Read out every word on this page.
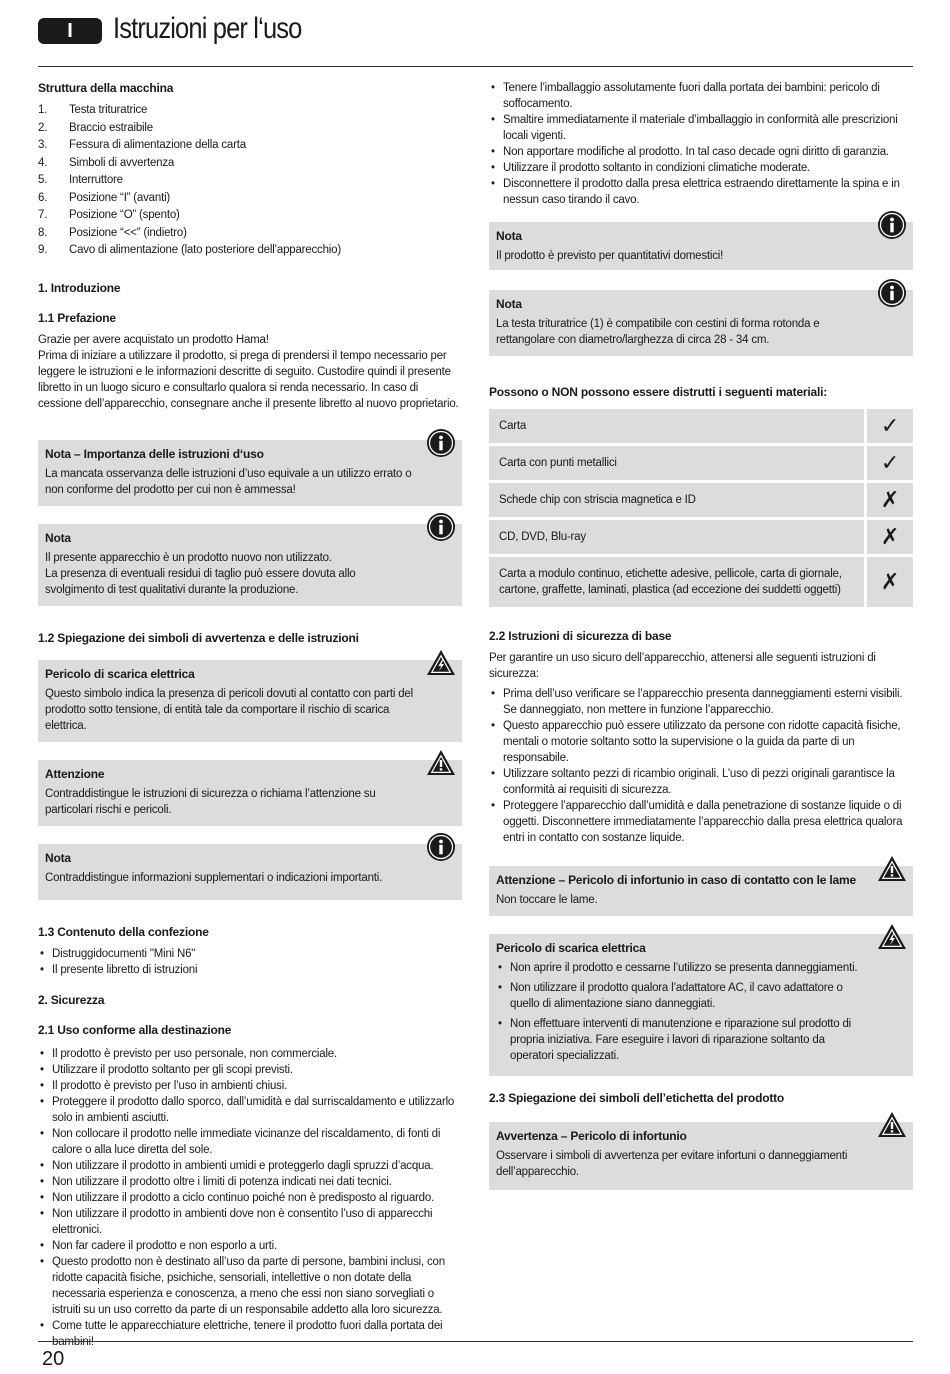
I	Istruzioni per l‘uso
Struttura della macchina
1.	Testa trituratrice
2.	Braccio estraibile
3.	Fessura di alimentazione della carta
4.	Simboli di avvertenza
5.	Interruttore
6.	Posizione “I” (avanti)
7.	Posizione “O” (spento)
8.	Posizione “<<” (indietro)
9.	Cavo di alimentazione (lato posteriore dell’apparecchio)
1. Introduzione
1.1 Prefazione

Grazie per avere acquistato un prodotto Hama!

Prima di iniziare a utilizzare il prodotto, si prega di prendersi il tempo necessario per leggere le istruzioni e le informazioni descritte di seguito. Custodire quindi il presente libretto in un luogo sicuro e consultarlo qualora si renda necessario. In caso di cessione dell’apparecchio, consegnare anche il presente libretto al nuovo proprietario.

Nota – Importanza delle istruzioni d‘uso

La mancata osservanza delle istruzioni d’uso equivale a un utilizzo errato o non conforme del prodotto per cui non è ammessa!

Nota

Il presente apparecchio è un prodotto nuovo non utilizzato.

La presenza di eventuali residui di taglio può essere dovuta allo svolgimento di test qualitativi durante la produzione.

1.2 Spiegazione dei simboli di avvertenza e delle istruzioni
Pericolo di scarica elettrica

Questo simbolo indica la presenza di pericoli dovuti al contatto con parti del prodotto sotto tensione, di entità tale da comportare il rischio di scarica elettrica.

Attenzione

Contraddistingue le istruzioni di sicurezza o richiama l’attenzione su particolari rischi e pericoli.

Nota

Contraddistingue informazioni supplementari o indicazioni importanti.

1.3 Contenuto della confezione
• Distruggidocumenti "Mini N6"
• Il presente libretto di istruzioni
2. Sicurezza
2.1 Uso conforme alla destinazione
• Il prodotto è previsto per uso personale, non commerciale.
• Utilizzare il prodotto soltanto per gli scopi previsti.
• Il prodotto è previsto per l’uso in ambienti chiusi.
• Proteggere il prodotto dallo sporco, dall’umidità e dal surriscaldamento e utilizzarlo solo in ambienti asciutti.
• Non collocare il prodotto nelle immediate vicinanze del riscaldamento, di fonti di calore o alla luce diretta del sole.
• Non utilizzare il prodotto in ambienti umidi e proteggerlo dagli spruzzi d’acqua.
• Non utilizzare il prodotto oltre i limiti di potenza indicati nei dati tecnici.
• Non utilizzare il prodotto a ciclo continuo poiché non è predisposto al riguardo.
• Non utilizzare il prodotto in ambienti dove non è consentito l’uso di apparecchi elettronici.
• Non far cadere il prodotto e non esporlo a urti.
• Questo prodotto non è destinato all’uso da parte di persone, bambini inclusi, con ridotte capacità fisiche, psichiche, sensoriali, intellettive o non dotate della necessaria esperienza e conoscenza, a meno che essi non siano sorvegliati o istruiti su un uso corretto da parte di un responsabile addetto alla loro sicurezza.
• Come tutte le apparecchiature elettriche, tenere il prodotto fuori dalla portata dei bambini!
• Tenere l’imballaggio assolutamente fuori dalla portata dei bambini: pericolo di soffocamento.
• Smaltire immediatamente il materiale d’imballaggio in conformità alle prescrizioni locali vigenti.
• Non apportare modifiche al prodotto. In tal caso decade ogni diritto di garanzia.
• Utilizzare il prodotto soltanto in condizioni climatiche moderate.
• Disconnettere il prodotto dalla presa elettrica estraendo direttamente la spina e in nessun caso tirando il cavo.
Nota

Il prodotto è previsto per quantitativi domestici!

Nota

La testa trituratrice (1) è compatibile con cestini di forma rotonda e rettangolare con diametro/larghezza di circa 28 - 34 cm.

Possono o NON possono essere distrutti i seguenti materiali:
Carta	✓
Carta con punti metallici	✓
Schede chip con striscia magnetica e ID	✗
CD, DVD, Blu-ray	✗
Carta a modulo continuo, etichette adesive, pellicole, carta di giornale, cartone, graffette, laminati, plastica (ad eccezione dei suddetti oggetti)	✗
2.2 Istruzioni di sicurezza di base

Per garantire un uso sicuro dell’apparecchio, attenersi alle seguenti istruzioni di sicurezza:

• Prima dell’uso verificare se l’apparecchio presenta danneggiamenti esterni visibili. Se danneggiato, non mettere in funzione l’apparecchio.
• Questo apparecchio può essere utilizzato da persone con ridotte capacità fisiche, mentali o motorie soltanto sotto la supervisione o la guida da parte di un responsabile.
• Utilizzare soltanto pezzi di ricambio originali. L’uso di pezzi originali garantisce la conformità ai requisiti di sicurezza.
• Proteggere l’apparecchio dall’umidità e dalla penetrazione di sostanze liquide o di oggetti. Disconnettere immediatamente l’apparecchio dalla presa elettrica qualora entri in contatto con sostanze liquide.
Attenzione – Pericolo di infortunio in caso di contatto con le lame

Non toccare le lame.

Pericolo di scarica elettrica
• Non aprire il prodotto e cessarne l’utilizzo se presenta danneggiamenti.
• Non utilizzare il prodotto qualora l’adattatore AC, il cavo adattatore o quello di alimentazione siano danneggiati.
• Non effettuare interventi di manutenzione e riparazione sul prodotto di propria iniziativa. Fare eseguire i lavori di riparazione soltanto da operatori specializzati.
2.3 Spiegazione dei simboli dell’etichetta del prodotto
Avvertenza – Pericolo di infortunio

Osservare i simboli di avvertenza per evitare infortuni o danneggiamenti dell’apparecchio.

20
